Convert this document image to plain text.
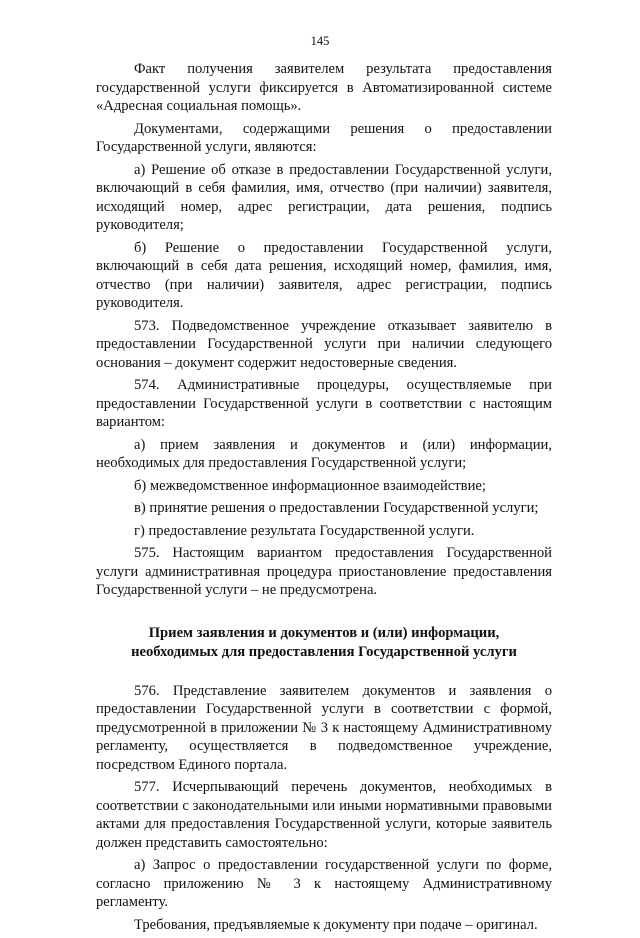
145

Факт получения заявителем результата предоставления государственной услуги фиксируется в Автоматизированной системе «Адресная социальная помощь».

Документами, содержащими решения о предоставлении Государственной услуги, являются:

а) Решение об отказе в предоставлении Государственной услуги, включающий в себя фамилия, имя, отчество (при наличии) заявителя, исходящий номер, адрес регистрации, дата решения, подпись руководителя;

б) Решение о предоставлении Государственной услуги, включающий в себя дата решения, исходящий номер, фамилия, имя, отчество (при наличии) заявителя, адрес регистрации, подпись руководителя.

573. Подведомственное учреждение отказывает заявителю в предоставлении Государственной услуги при наличии следующего основания – документ содержит недостоверные сведения.

574. Административные процедуры, осуществляемые при предоставлении Государственной услуги в соответствии с настоящим вариантом:

а) прием заявления и документов и (или) информации, необходимых для предоставления Государственной услуги;

б) межведомственное информационное взаимодействие;

в) принятие решения о предоставлении Государственной услуги;

г) предоставление результата Государственной услуги.

575. Настоящим вариантом предоставления Государственной услуги административная процедура приостановление предоставления Государственной услуги – не предусмотрена.

Прием заявления и документов и (или) информации,
необходимых для предоставления Государственной услуги

576. Представление заявителем документов и заявления о предоставлении Государственной услуги в соответствии с формой, предусмотренной в приложении № 3 к настоящему Административному регламенту, осуществляется в подведомственное учреждение, посредством Единого портала.

577. Исчерпывающий перечень документов, необходимых в соответствии с законодательными или иными нормативными правовыми актами для предоставления Государственной услуги, которые заявитель должен представить самостоятельно:

а) Запрос о предоставлении государственной услуги по форме, согласно приложению № 3 к настоящему Административному регламенту.

Требования, предъявляемые к документу при подаче – оригинал.
